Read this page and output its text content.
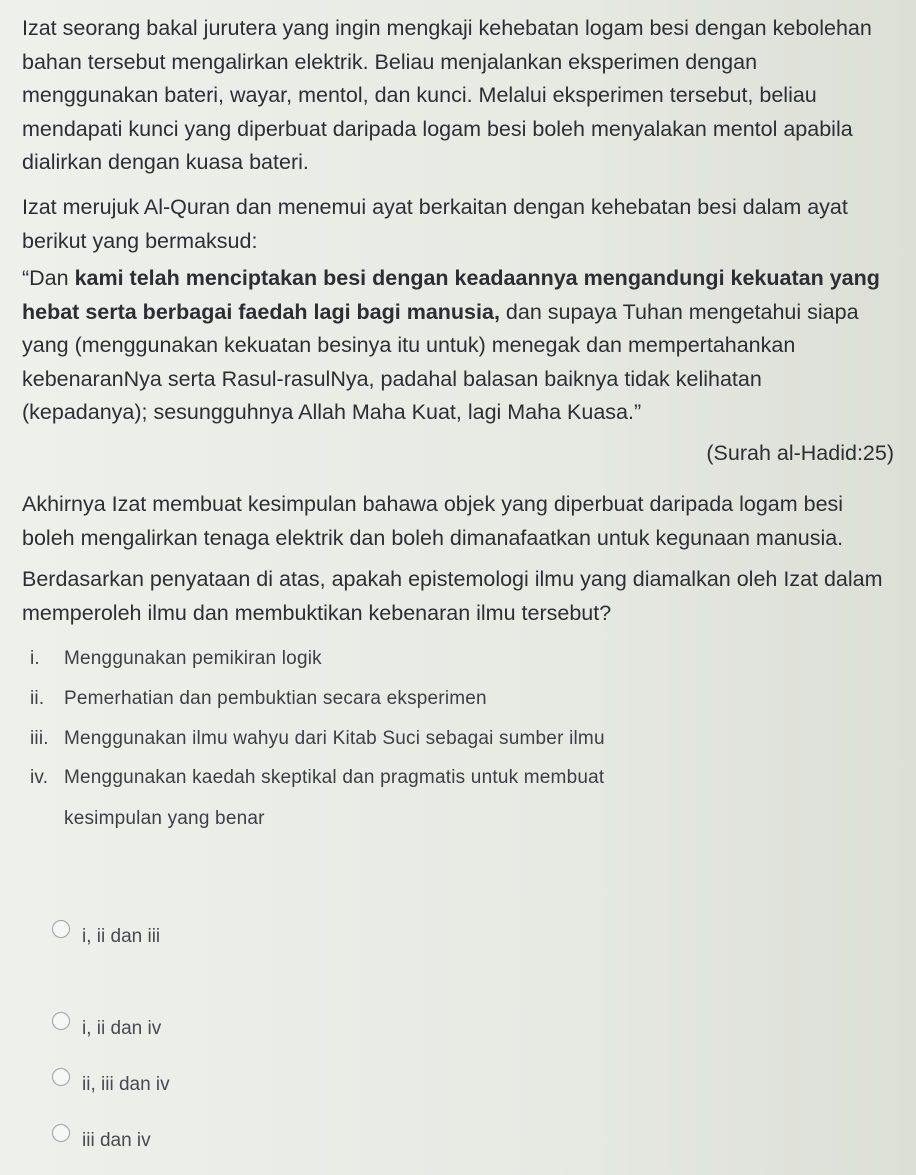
Izat seorang bakal jurutera yang ingin mengkaji kehebatan logam besi dengan kebolehan bahan tersebut mengalirkan elektrik. Beliau menjalankan eksperimen dengan menggunakan bateri, wayar, mentol, dan kunci. Melalui eksperimen tersebut, beliau mendapati kunci yang diperbuat daripada logam besi boleh menyalakan mentol apabila dialirkan dengan kuasa bateri.

Izat merujuk Al-Quran dan menemui ayat berkaitan dengan kehebatan besi dalam ayat berikut yang bermaksud:

“Dan kami telah menciptakan besi dengan keadaannya mengandungi kekuatan yang hebat serta berbagai faedah lagi bagi manusia, dan supaya Tuhan mengetahui siapa yang (menggunakan kekuatan besinya itu untuk) menegak dan mempertahankan kebenaranNya serta Rasul-rasulNya, padahal balasan baiknya tidak kelihatan (kepadanya); sesungguhnya Allah Maha Kuat, lagi Maha Kuasa.”

(Surah al-Hadid:25)

Akhirnya Izat membuat kesimpulan bahawa objek yang diperbuat daripada logam besi boleh mengalirkan tenaga elektrik dan boleh dimanafaatkan untuk kegunaan manusia.

Berdasarkan penyataan di atas, apakah epistemologi ilmu yang diamalkan oleh Izat dalam memperoleh ilmu dan membuktikan kebenaran ilmu tersebut?

i. Menggunakan pemikiran logik
ii. Pemerhatian dan pembuktian secara eksperimen
iii. Menggunakan ilmu wahyu dari Kitab Suci sebagai sumber ilmu
iv. Menggunakan kaedah skeptikal dan pragmatis untuk membuat
kesimpulan yang benar
i, ii dan iii
i, ii dan iv
ii, iii dan iv
iii dan iv
